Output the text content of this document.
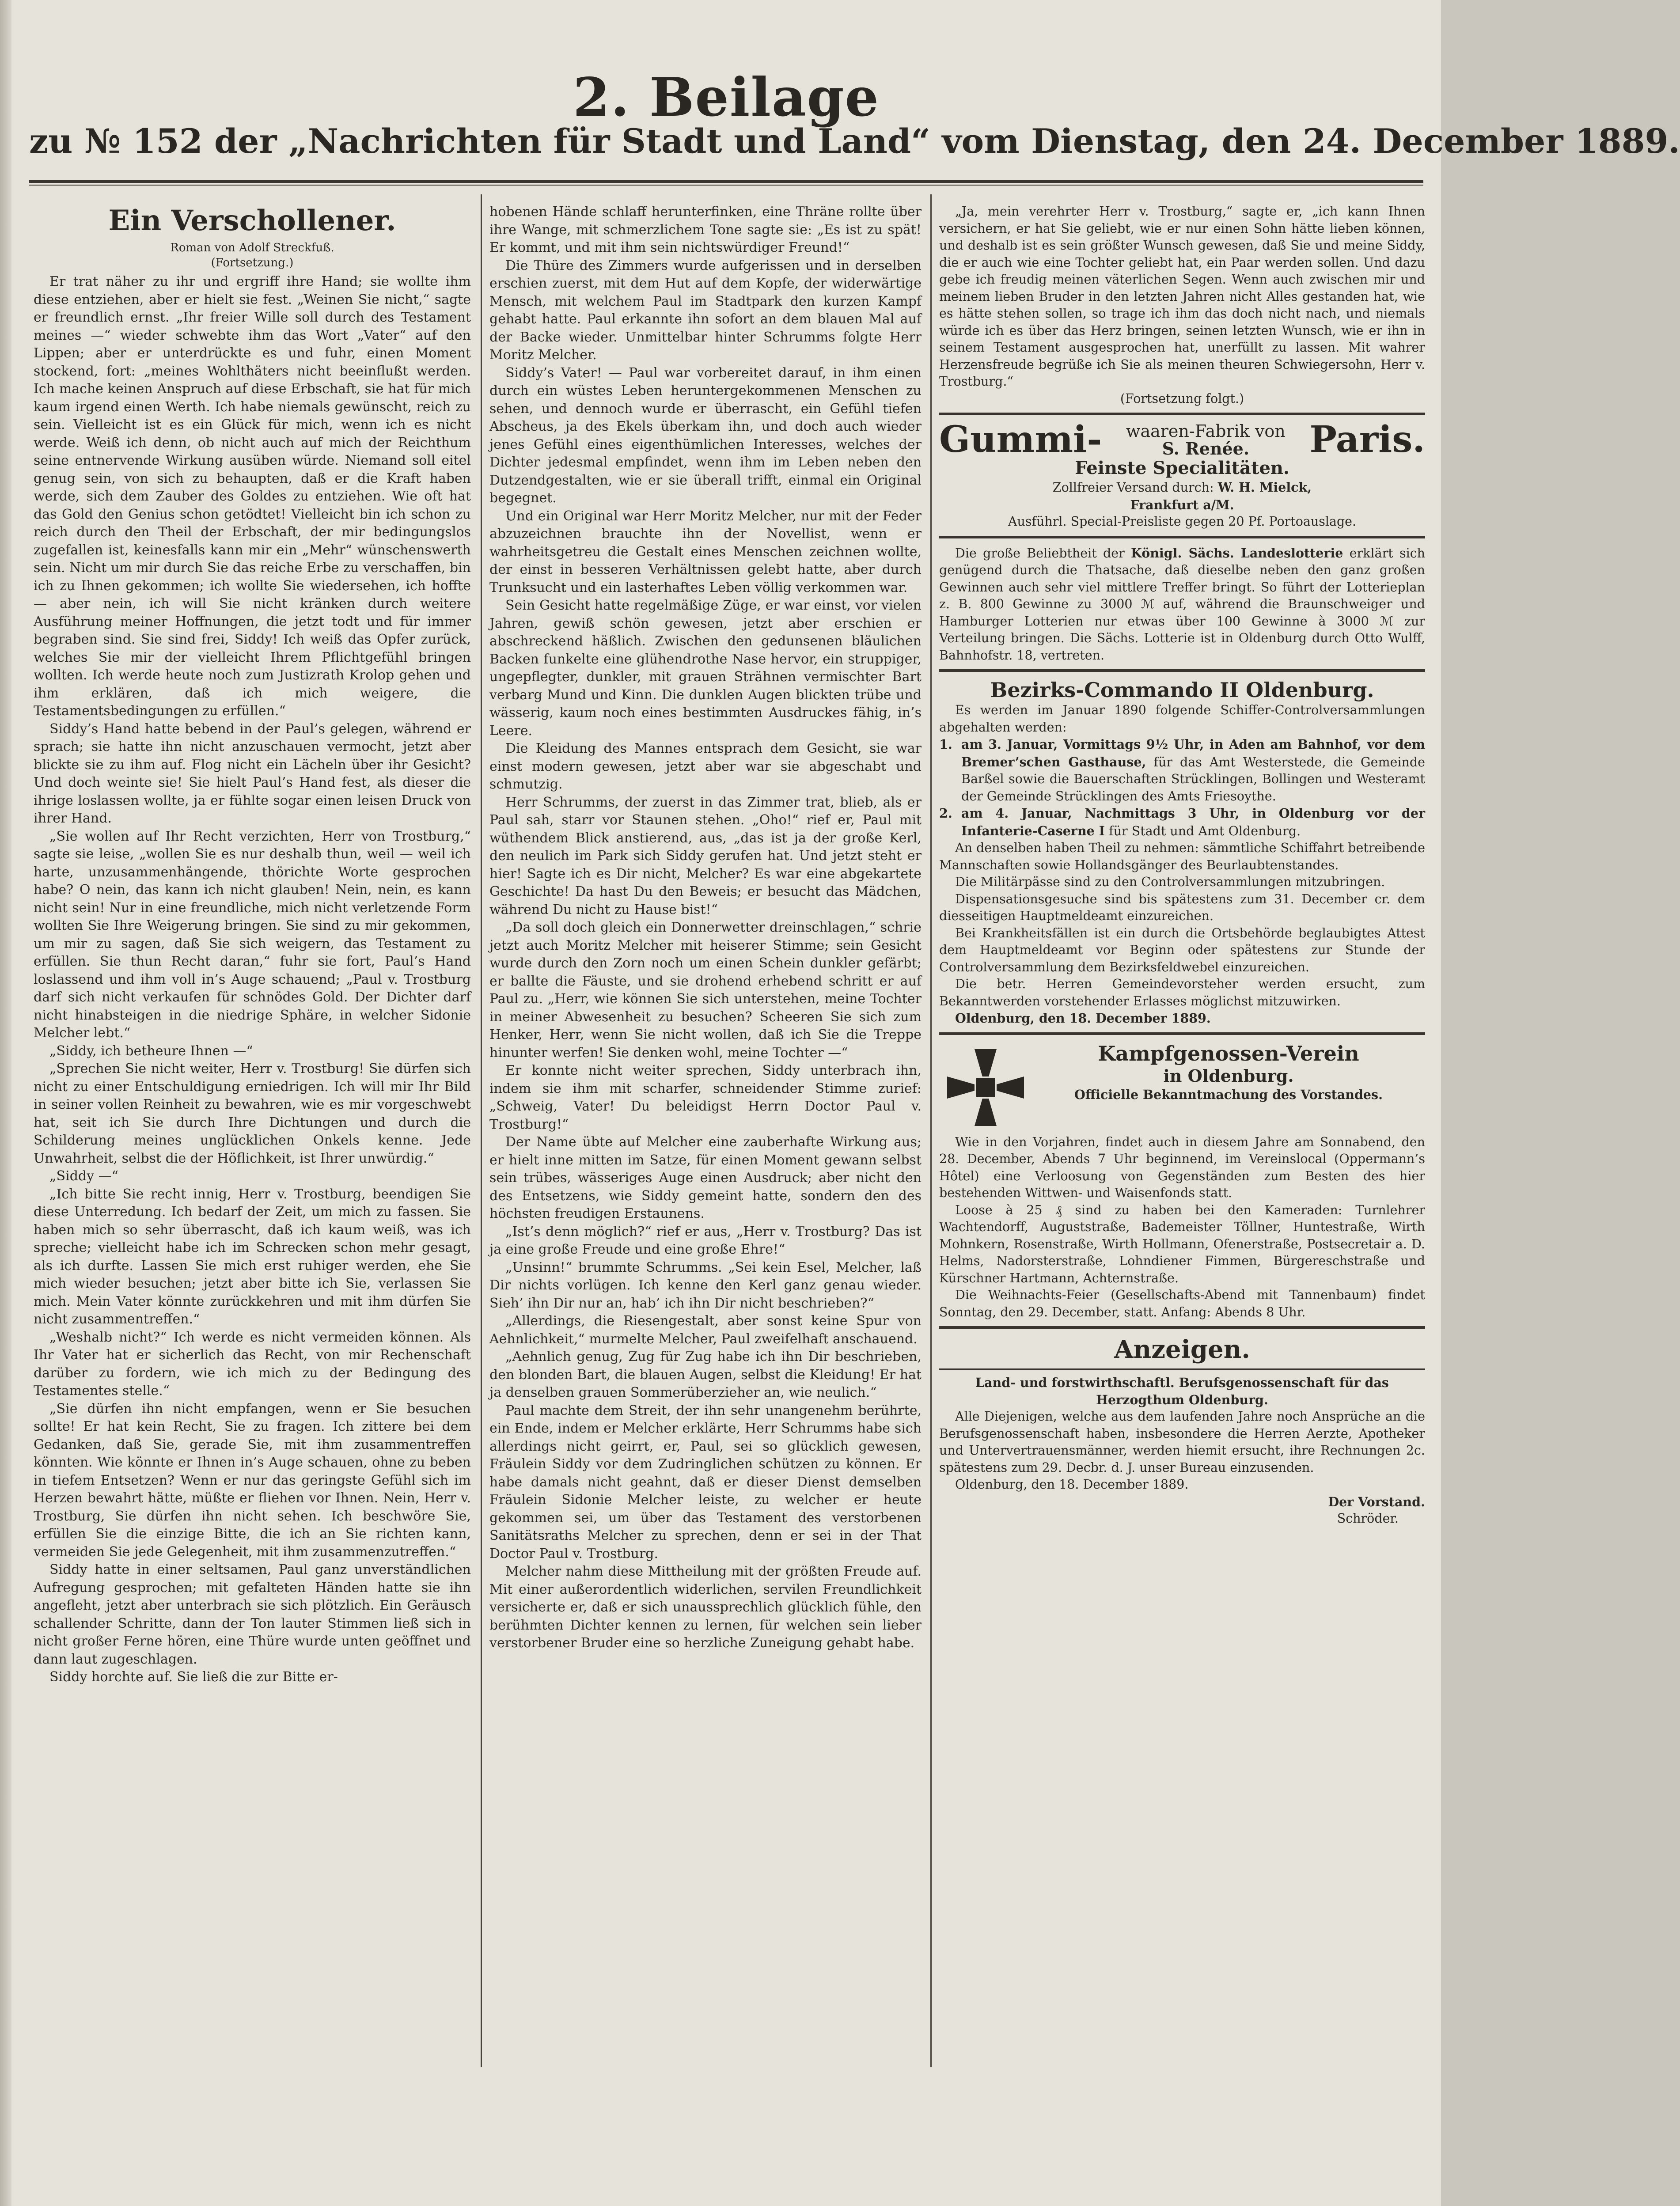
2. Beilage
zu № 152 der „Nachrichten für Stadt und Land“ vom Dienstag, den 24. December 1889.
Ein Verschollener.
Roman von Adolf Streckfuß.
(Fortsetzung.)

Er trat näher zu ihr und ergriff ihre Hand; sie wollte ihm diese entziehen, aber er hielt sie fest. „Weinen Sie nicht,“ sagte er freundlich ernst. „Ihr freier Wille soll durch des Testament meines —“ wieder schwebte ihm das Wort „Vater“ auf den Lippen; aber er unterdrückte es und fuhr, einen Moment stockend, fort: „meines Wohlthäters nicht beeinflußt werden. Ich mache keinen Anspruch auf diese Erbschaft, sie hat für mich kaum irgend einen Werth. Ich habe niemals gewünscht, reich zu sein. Vielleicht ist es ein Glück für mich, wenn ich es nicht werde. Weiß ich denn, ob nicht auch auf mich der Reichthum seine entnervende Wirkung ausüben würde. Niemand soll eitel genug sein, von sich zu behaupten, daß er die Kraft haben werde, sich dem Zauber des Goldes zu entziehen. Wie oft hat das Gold den Genius schon getödtet! Vielleicht bin ich schon zu reich durch den Theil der Erbschaft, der mir bedingungslos zugefallen ist, keinesfalls kann mir ein „Mehr“ wünschenswerth sein. Nicht um mir durch Sie das reiche Erbe zu verschaffen, bin ich zu Ihnen gekommen; ich wollte Sie wiedersehen, ich hoffte — aber nein, ich will Sie nicht kränken durch weitere Ausführung meiner Hoffnungen, die jetzt todt und für immer begraben sind. Sie sind frei, Siddy! Ich weiß das Opfer zurück, welches Sie mir der vielleicht Ihrem Pflichtgefühl bringen wollten. Ich werde heute noch zum Justizrath Krolop gehen und ihm erklären, daß ich mich weigere, die Testamentsbedingungen zu erfüllen.“

Siddy’s Hand hatte bebend in der Paul’s gelegen, während er sprach; sie hatte ihn nicht anzuschauen vermocht, jetzt aber blickte sie zu ihm auf. Flog nicht ein Lächeln über ihr Gesicht? Und doch weinte sie! Sie hielt Paul’s Hand fest, als dieser die ihrige loslassen wollte, ja er fühlte sogar einen leisen Druck von ihrer Hand.

„Sie wollen auf Ihr Recht verzichten, Herr von Trostburg,“ sagte sie leise, „wollen Sie es nur deshalb thun, weil — weil ich harte, unzusammenhängende, thörichte Worte gesprochen habe? O nein, das kann ich nicht glauben! Nein, nein, es kann nicht sein! Nur in eine freundliche, mich nicht verletzende Form wollten Sie Ihre Weigerung bringen. Sie sind zu mir gekommen, um mir zu sagen, daß Sie sich weigern, das Testament zu erfüllen. Sie thun Recht daran,“ fuhr sie fort, Paul’s Hand loslassend und ihm voll in’s Auge schauend; „Paul v. Trostburg darf sich nicht verkaufen für schnödes Gold. Der Dichter darf nicht hinabsteigen in die niedrige Sphäre, in welcher Sidonie Melcher lebt.“

„Siddy, ich betheure Ihnen —“

„Sprechen Sie nicht weiter, Herr v. Trostburg! Sie dürfen sich nicht zu einer Entschuldigung erniedrigen. Ich will mir Ihr Bild in seiner vollen Reinheit zu bewahren, wie es mir vorgeschwebt hat, seit ich Sie durch Ihre Dichtungen und durch die Schilderung meines unglücklichen Onkels kenne. Jede Unwahrheit, selbst die der Höflichkeit, ist Ihrer unwürdig.“

„Siddy —“

„Ich bitte Sie recht innig, Herr v. Trostburg, beendigen Sie diese Unterredung. Ich bedarf der Zeit, um mich zu fassen. Sie haben mich so sehr überrascht, daß ich kaum weiß, was ich spreche; vielleicht habe ich im Schrecken schon mehr gesagt, als ich durfte. Lassen Sie mich erst ruhiger werden, ehe Sie mich wieder besuchen; jetzt aber bitte ich Sie, verlassen Sie mich. Mein Vater könnte zurückkehren und mit ihm dürfen Sie nicht zusammentreffen.“

„Weshalb nicht?“ Ich werde es nicht vermeiden können. Als Ihr Vater hat er sicherlich das Recht, von mir Rechenschaft darüber zu fordern, wie ich mich zu der Bedingung des Testamentes stelle.“

„Sie dürfen ihn nicht empfangen, wenn er Sie besuchen sollte! Er hat kein Recht, Sie zu fragen. Ich zittere bei dem Gedanken, daß Sie, gerade Sie, mit ihm zusammentreffen könnten. Wie könnte er Ihnen in’s Auge schauen, ohne zu beben in tiefem Entsetzen? Wenn er nur das geringste Gefühl sich im Herzen bewahrt hätte, müßte er fliehen vor Ihnen. Nein, Herr v. Trostburg, Sie dürfen ihn nicht sehen. Ich beschwöre Sie, erfüllen Sie die einzige Bitte, die ich an Sie richten kann, vermeiden Sie jede Gelegenheit, mit ihm zusammenzutreffen.“

Siddy hatte in einer seltsamen, Paul ganz unverständlichen Aufregung gesprochen; mit gefalteten Händen hatte sie ihn angefleht, jetzt aber unterbrach sie sich plötzlich. Ein Geräusch schallender Schritte, dann der Ton lauter Stimmen ließ sich in nicht großer Ferne hören, eine Thüre wurde unten geöffnet und dann laut zugeschlagen.

Siddy horchte auf. Sie ließ die zur Bitte er-

hobenen Hände schlaff herunterfinken, eine Thräne rollte über ihre Wange, mit schmerzlichem Tone sagte sie: „Es ist zu spät! Er kommt, und mit ihm sein nichtswürdiger Freund!“

Die Thüre des Zimmers wurde aufgerissen und in derselben erschien zuerst, mit dem Hut auf dem Kopfe, der widerwärtige Mensch, mit welchem Paul im Stadtpark den kurzen Kampf gehabt hatte. Paul erkannte ihn sofort an dem blauen Mal auf der Backe wieder. Unmittelbar hinter Schrumms folgte Herr Moritz Melcher.

Siddy’s Vater! — Paul war vorbereitet darauf, in ihm einen durch ein wüstes Leben heruntergekommenen Menschen zu sehen, und dennoch wurde er überrascht, ein Gefühl tiefen Abscheus, ja des Ekels überkam ihn, und doch auch wieder jenes Gefühl eines eigenthümlichen Interesses, welches der Dichter jedesmal empfindet, wenn ihm im Leben neben den Dutzendgestalten, wie er sie überall trifft, einmal ein Original begegnet.

Und ein Original war Herr Moritz Melcher, nur mit der Feder abzuzeichnen brauchte ihn der Novellist, wenn er wahrheitsgetreu die Gestalt eines Menschen zeichnen wollte, der einst in besseren Verhältnissen gelebt hatte, aber durch Trunksucht und ein lasterhaftes Leben völlig verkommen war.

Sein Gesicht hatte regelmäßige Züge, er war einst, vor vielen Jahren, gewiß schön gewesen, jetzt aber erschien er abschreckend häßlich. Zwischen den gedunsenen bläulichen Backen funkelte eine glühendrothe Nase hervor, ein struppiger, ungepflegter, dunkler, mit grauen Strähnen vermischter Bart verbarg Mund und Kinn. Die dunklen Augen blickten trübe und wässerig, kaum noch eines bestimmten Ausdruckes fähig, in’s Leere.

Die Kleidung des Mannes entsprach dem Gesicht, sie war einst modern gewesen, jetzt aber war sie abgeschabt und schmutzig.

Herr Schrumms, der zuerst in das Zimmer trat, blieb, als er Paul sah, starr vor Staunen stehen. „Oho!“ rief er, Paul mit wüthendem Blick anstierend, aus, „das ist ja der große Kerl, den neulich im Park sich Siddy gerufen hat. Und jetzt steht er hier! Sagte ich es Dir nicht, Melcher? Es war eine abgekartete Geschichte! Da hast Du den Beweis; er besucht das Mädchen, während Du nicht zu Hause bist!“

„Da soll doch gleich ein Donnerwetter dreinschlagen,“ schrie jetzt auch Moritz Melcher mit heiserer Stimme; sein Gesicht wurde durch den Zorn noch um einen Schein dunkler gefärbt; er ballte die Fäuste, und sie drohend erhebend schritt er auf Paul zu. „Herr, wie können Sie sich unterstehen, meine Tochter in meiner Abwesenheit zu besuchen? Scheeren Sie sich zum Henker, Herr, wenn Sie nicht wollen, daß ich Sie die Treppe hinunter werfen! Sie denken wohl, meine Tochter —“

Er konnte nicht weiter sprechen, Siddy unterbrach ihn, indem sie ihm mit scharfer, schneidender Stimme zurief: „Schweig, Vater! Du beleidigst Herrn Doctor Paul v. Trostburg!“

Der Name übte auf Melcher eine zauberhafte Wirkung aus; er hielt inne mitten im Satze, für einen Moment gewann selbst sein trübes, wässeriges Auge einen Ausdruck; aber nicht den des Entsetzens, wie Siddy gemeint hatte, sondern den des höchsten freudigen Erstaunens.

„Ist’s denn möglich?“ rief er aus, „Herr v. Trostburg? Das ist ja eine große Freude und eine große Ehre!“

„Unsinn!“ brummte Schrumms. „Sei kein Esel, Melcher, laß Dir nichts vorlügen. Ich kenne den Kerl ganz genau wieder. Sieh’ ihn Dir nur an, hab’ ich ihn Dir nicht beschrieben?“

„Allerdings, die Riesengestalt, aber sonst keine Spur von Aehnlichkeit,“ murmelte Melcher, Paul zweifelhaft anschauend.

„Aehnlich genug, Zug für Zug habe ich ihn Dir beschrieben, den blonden Bart, die blauen Augen, selbst die Kleidung! Er hat ja denselben grauen Sommerüberzieher an, wie neulich.“

Paul machte dem Streit, der ihn sehr unangenehm berührte, ein Ende, indem er Melcher erklärte, Herr Schrumms habe sich allerdings nicht geirrt, er, Paul, sei so glücklich gewesen, Fräulein Siddy vor dem Zudringlichen schützen zu können. Er habe damals nicht geahnt, daß er dieser Dienst demselben Fräulein Sidonie Melcher leiste, zu welcher er heute gekommen sei, um über das Testament des verstorbenen Sanitätsraths Melcher zu sprechen, denn er sei in der That Doctor Paul v. Trostburg.

Melcher nahm diese Mittheilung mit der größten Freude auf. Mit einer außerordentlich widerlichen, servilen Freundlichkeit versicherte er, daß er sich unaussprechlich glücklich fühle, den berühmten Dichter kennen zu lernen, für welchen sein lieber verstorbener Bruder eine so herzliche Zuneigung gehabt habe.

„Ja, mein verehrter Herr v. Trostburg,“ sagte er, „ich kann Ihnen versichern, er hat Sie geliebt, wie er nur einen Sohn hätte lieben können, und deshalb ist es sein größter Wunsch gewesen, daß Sie und meine Siddy, die er auch wie eine Tochter geliebt hat, ein Paar werden sollen. Und dazu gebe ich freudig meinen väterlichen Segen. Wenn auch zwischen mir und meinem lieben Bruder in den letzten Jahren nicht Alles gestanden hat, wie es hätte stehen sollen, so trage ich ihm das doch nicht nach, und niemals würde ich es über das Herz bringen, seinen letzten Wunsch, wie er ihn in seinem Testament ausgesprochen hat, unerfüllt zu lassen. Mit wahrer Herzensfreude begrüße ich Sie als meinen theuren Schwiegersohn, Herr v. Trostburg.“

(Fortsetzung folgt.)
Gummi- waaren-Fabrik von
S. Renée.	Paris.
Feinste Specialitäten.
Zollfreier Versand durch: W. H. Mielck,
Frankfurt a/M.
Ausführl. Special-Preisliste gegen 20 Pf. Portoauslage.

Die große Beliebtheit der Königl. Sächs. Landeslotterie erklärt sich genügend durch die Thatsache, daß dieselbe neben den ganz großen Gewinnen auch sehr viel mittlere Treffer bringt. So führt der Lotterieplan z. B. 800 Gewinne zu 3000 ℳ auf, während die Braunschweiger und Hamburger Lotterien nur etwas über 100 Gewinne à 3000 ℳ zur Verteilung bringen. Die Sächs. Lotterie ist in Oldenburg durch Otto Wulff, Bahnhofstr. 18, vertreten.

Bezirks-Commando II Oldenburg.

Es werden im Januar 1890 folgende Schiffer-Controlversammlungen abgehalten werden:

1. am 3. Januar, Vormittags 9½ Uhr, in Aden am Bahnhof, vor dem Bremer’schen Gasthause, für das Amt Westerstede, die Gemeinde Barßel sowie die Bauerschaften Strücklingen, Bollingen und Westeramt der Gemeinde Strücklingen des Amts Friesoythe.
2. am 4. Januar, Nachmittags 3 Uhr, in Oldenburg vor der Infanterie-Caserne I für Stadt und Amt Oldenburg.

An denselben haben Theil zu nehmen: sämmtliche Schiffahrt betreibende Mannschaften sowie Hollandsgänger des Beurlaubtenstandes.

Die Militärpässe sind zu den Controlversammlungen mitzubringen.

Dispensationsgesuche sind bis spätestens zum 31. December cr. dem diesseitigen Hauptmeldeamt einzureichen.

Bei Krankheitsfällen ist ein durch die Ortsbehörde beglaubigtes Attest dem Hauptmeldeamt vor Beginn oder spätestens zur Stunde der Controlversammlung dem Bezirksfeldwebel einzureichen.

Die betr. Herren Gemeindevorsteher werden ersucht, zum Bekanntwerden vorstehender Erlasses möglichst mitzuwirken.

Oldenburg, den 18. December 1889.

Kampfgenossen-Verein
in Oldenburg.
Officielle Bekanntmachung des Vorstandes.

Wie in den Vorjahren, findet auch in diesem Jahre am Sonnabend, den 28. December, Abends 7 Uhr beginnend, im Vereinslocal (Oppermann’s Hôtel) eine Verloosung von Gegenständen zum Besten des hier bestehenden Wittwen- und Waisenfonds statt.

Loose à 25 ₰ sind zu haben bei den Kameraden: Turnlehrer Wachtendorff, Auguststraße, Bademeister Töllner, Huntestraße, Wirth Mohnkern, Rosenstraße, Wirth Hollmann, Ofenerstraße, Postsecretair a. D. Helms, Nadorsterstraße, Lohndiener Fimmen, Bürgereschstraße und Kürschner Hartmann, Achternstraße.

Die Weihnachts-Feier (Gesellschafts-Abend mit Tannenbaum) findet Sonntag, den 29. December, statt. Anfang: Abends 8 Uhr.

Anzeigen.
Land- und forstwirthschaftl. Berufsgenossenschaft für das Herzogthum Oldenburg.

Alle Diejenigen, welche aus dem laufenden Jahre noch Ansprüche an die Berufsgenossenschaft haben, insbesondere die Herren Aerzte, Apotheker und Untervertrauensmänner, werden hiemit ersucht, ihre Rechnungen 2c. spätestens zum 29. Decbr. d. J. unser Bureau einzusenden.

Oldenburg, den 18. December 1889.

Der Vorstand.
Schröder.
